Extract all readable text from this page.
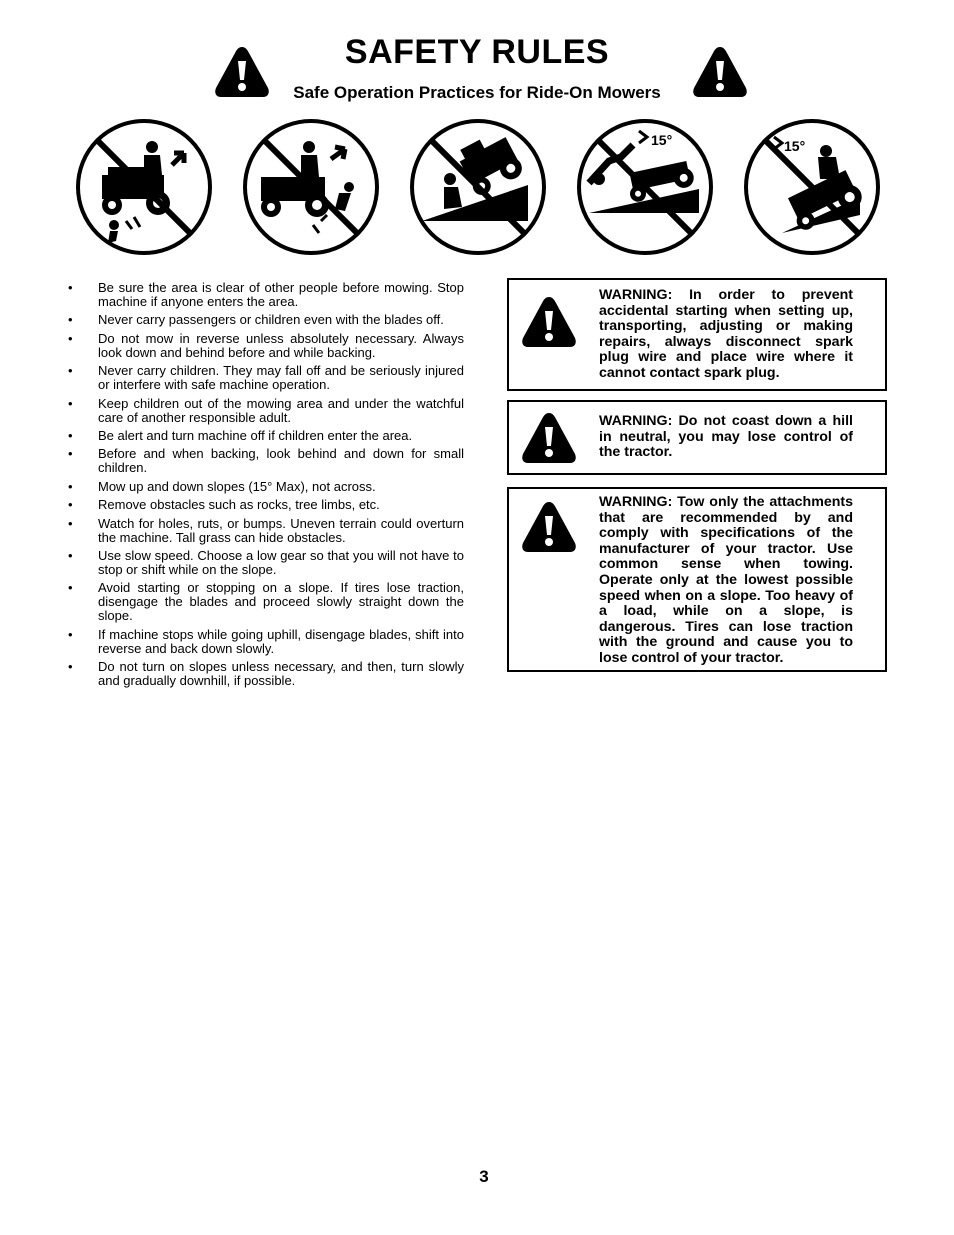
SAFETY RULES
Safe Operation Practices for Ride-On Mowers
15°	15°
• Be sure the area is clear of other people before mowing. Stop machine if anyone enters the area.
• Never carry passengers or children even with the blades off.
• Do not mow in reverse unless absolutely necessary. Always look down and behind before and while backing.
• Never carry children. They may fall off and be seriously injured or interfere with safe machine operation.
• Keep children out of the mowing area and under the watchful care of another responsible adult.
• Be alert and turn machine off if children enter the area.
• Before and when backing, look behind and down for small children.
• Mow up and down slopes (15° Max), not across.
• Remove obstacles such as rocks, tree limbs, etc.
• Watch for holes, ruts, or bumps. Uneven terrain could overturn the machine. Tall grass can hide obstacles.
• Use slow speed. Choose a low gear so that you will not have to stop or shift while on the slope.
• Avoid starting or stopping on a slope. If tires lose traction, disengage the blades and proceed slowly straight down the slope.
• If machine stops while going uphill, disengage blades, shift into reverse and back down slowly.
• Do not turn on slopes unless necessary, and then, turn slowly and gradually downhill, if possible.
WARNING: In order to prevent accidental starting when setting up, transporting, adjusting or making repairs, always disconnect spark plug wire and place wire where it cannot contact spark plug.
WARNING: Do not coast down a hill in neutral, you may lose control of the tractor.
WARNING: Tow only the attachments that are recommended by and comply with specifications of the manufacturer of your tractor. Use common sense when towing. Operate only at the lowest possible speed when on a slope. Too heavy of a load, while on a slope, is dangerous. Tires can lose traction with the ground and cause you to lose control of your tractor.
3
